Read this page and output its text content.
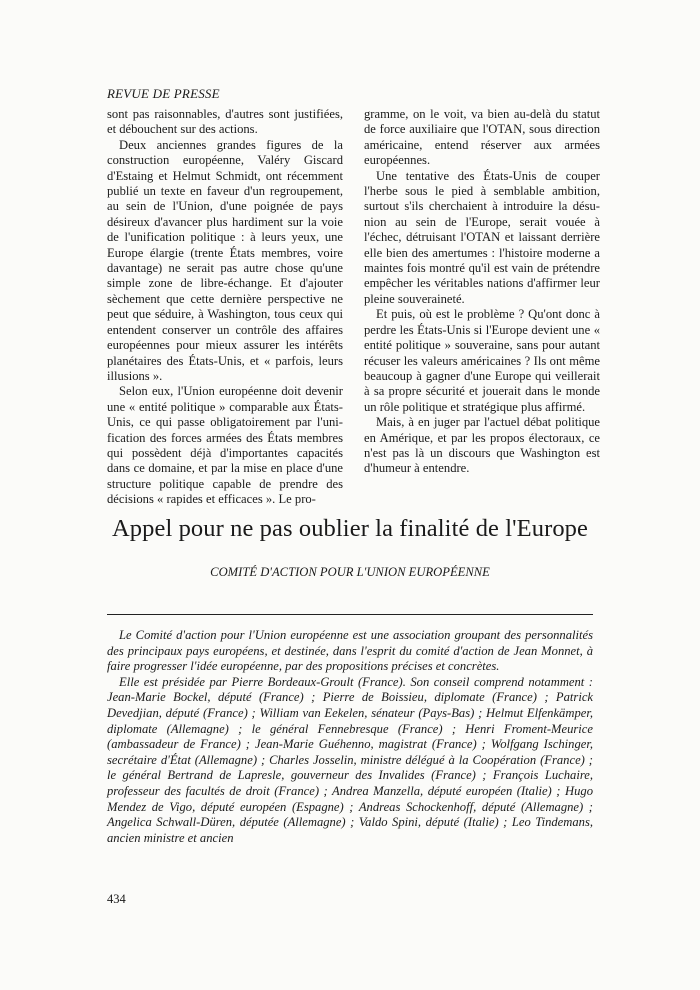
REVUE DE PRESSE

sont pas raisonnables, d'autres sont justifiées, et débouchent sur des actions.

Deux anciennes grandes figures de la construction européenne, Valéry Giscard d'Estaing et Helmut Schmidt, ont récemment publié un texte en faveur d'un regroupement, au sein de l'Union, d'une poignée de pays désireux d'avancer plus hardiment sur la voie de l'unification politique : à leurs yeux, une Europe élargie (trente États membres, voire davantage) ne serait pas autre chose qu'une simple zone de libre-échange. Et d'ajouter sèchement que cette dernière perspective ne peut que séduire, à Washington, tous ceux qui entendent conserver un contrôle des affaires européennes pour mieux assurer les intérêts planétaires des États-Unis, et « parfois, leurs illusions ».

Selon eux, l'Union européenne doit devenir une « entité politique » comparable aux États-Unis, ce qui passe obligatoirement par l'unification des forces armées des États membres qui possèdent déjà d'importantes capacités dans ce domaine, et par la mise en place d'une structure politique capable de prendre des décisions « rapides et efficaces ». Le pro-

gramme, on le voit, va bien au-delà du statut de force auxiliaire que l'OTAN, sous direction américaine, entend réserver aux armées européennes.

Une tentative des États-Unis de couper l'herbe sous le pied à semblable ambition, surtout s'ils cherchaient à introduire la désunion au sein de l'Europe, serait vouée à l'échec, détruisant l'OTAN et laissant derrière elle bien des amertumes : l'histoire moderne a maintes fois montré qu'il est vain de prétendre empêcher les véritables nations d'affirmer leur pleine souveraineté.

Et puis, où est le problème ? Qu'ont donc à perdre les États-Unis si l'Europe devient une « entité politique » souveraine, sans pour autant récuser les valeurs américaines ? Ils ont même beaucoup à gagner d'une Europe qui veillerait à sa propre sécurité et jouerait dans le monde un rôle politique et stratégique plus affirmé.

Mais, à en juger par l'actuel débat politique en Amérique, et par les propos électoraux, ce n'est pas là un discours que Washington est d'humeur à entendre.

Appel pour ne pas oublier la finalité de l'Europe
COMITÉ D'ACTION POUR L'UNION EUROPÉENNE

Le Comité d'action pour l'Union européenne est une association groupant des personnalités des principaux pays européens, et destinée, dans l'esprit du comité d'action de Jean Monnet, à faire progresser l'idée européenne, par des propositions précises et concrètes.

Elle est présidée par Pierre Bordeaux-Groult (France). Son conseil comprend notamment : Jean-Marie Bockel, député (France) ; Pierre de Boissieu, diplomate (France) ; Patrick Devedjian, député (France) ; William van Eekelen, sénateur (Pays-Bas) ; Helmut Elfenkämper, diplomate (Allemagne) ; le général Fennebresque (France) ; Henri Froment-Meurice (ambassadeur de France) ; Jean-Marie Guéhenno, magistrat (France) ; Wolfgang Ischinger, secrétaire d'État (Allemagne) ; Charles Josselin, ministre délégué à la Coopération (France) ; le général Bertrand de Lapresle, gouverneur des Invalides (France) ; François Luchaire, professeur des facultés de droit (France) ; Andrea Manzella, député européen (Italie) ; Hugo Mendez de Vigo, député européen (Espagne) ; Andreas Schockenhoff, député (Allemagne) ; Angelica Schwall-Düren, députée (Allemagne) ; Valdo Spini, député (Italie) ; Leo Tindemans, ancien ministre et ancien

434
